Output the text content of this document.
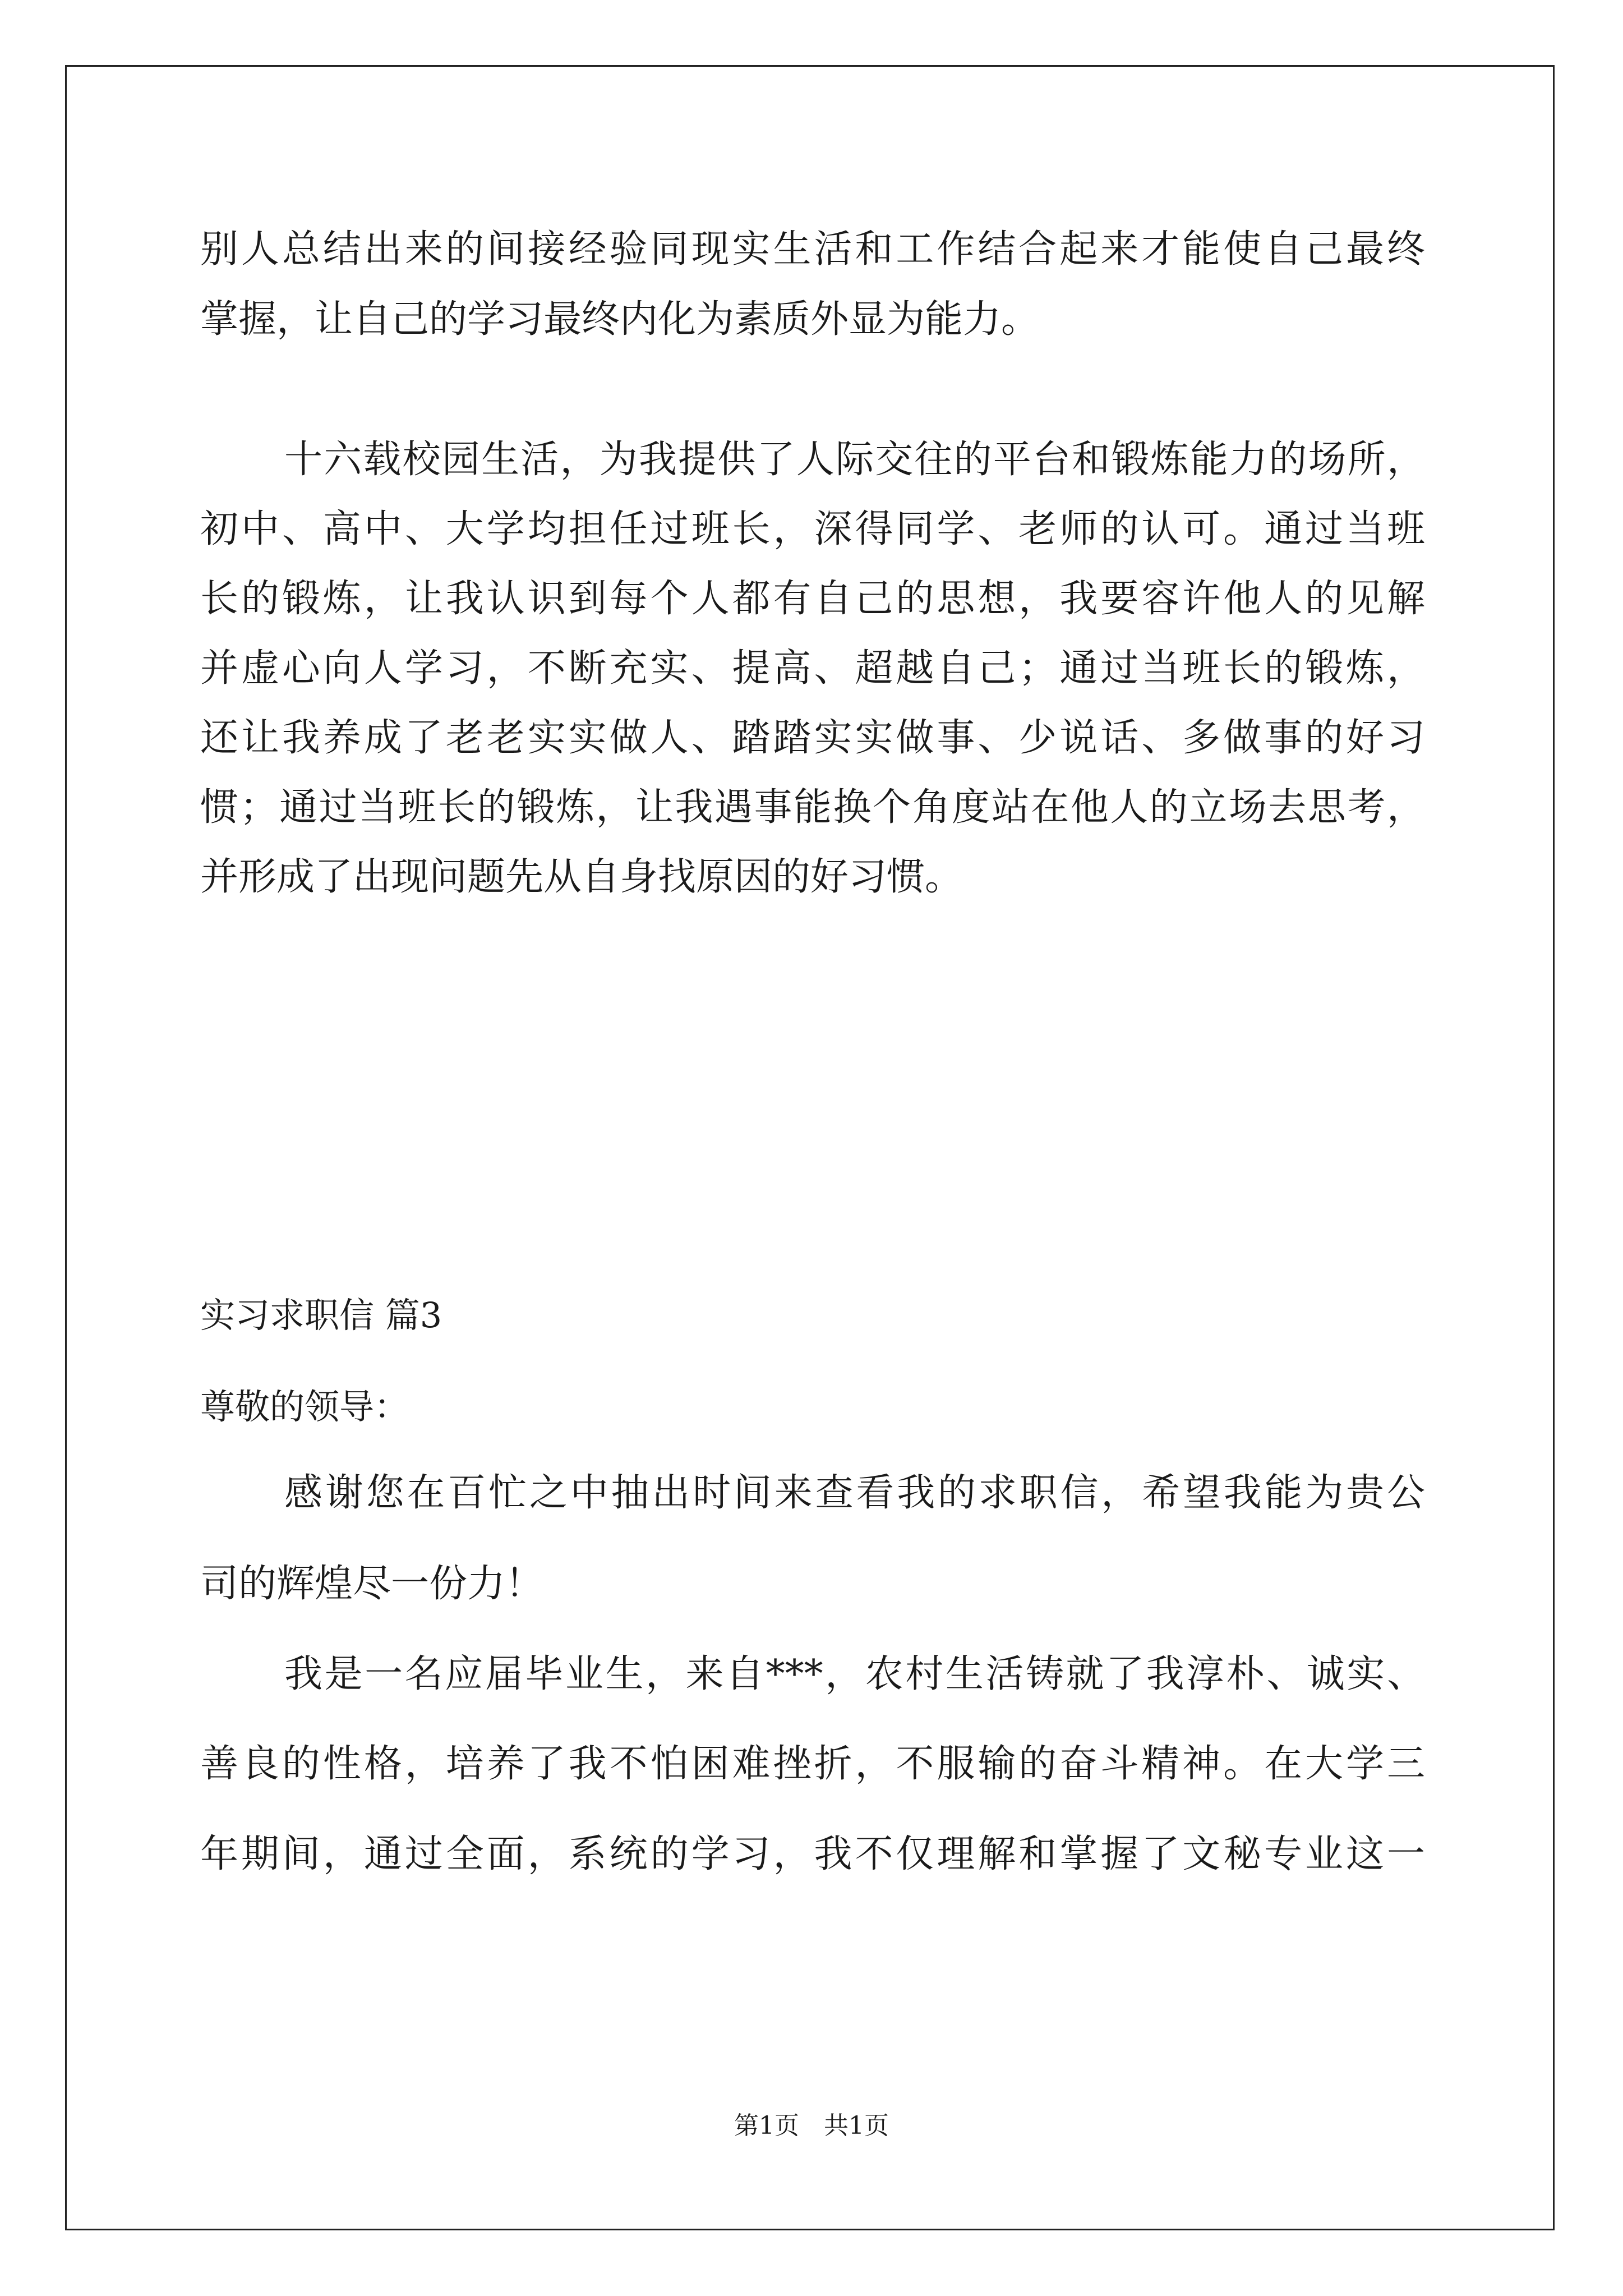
别人总结出来的间接经验同现实生活和工作结合起来才能使自己最终
掌握，让自己的学习最终内化为素质外显为能力。
十六载校园生活，为我提供了人际交往的平台和锻炼能力的场所，
初中、高中、大学均担任过班长，深得同学、老师的认可。通过当班
长的锻炼，让我认识到每个人都有自己的思想，我要容许他人的见解
并虚心向人学习，不断充实、提高、超越自己；通过当班长的锻炼，
还让我养成了老老实实做人、踏踏实实做事、少说话、多做事的好习
惯；通过当班长的锻炼，让我遇事能换个角度站在他人的立场去思考，
并形成了出现问题先从自身找原因的好习惯。
实习求职信 篇3
尊敬的领导：
感谢您在百忙之中抽出时间来查看我的求职信，希望我能为贵公
司的辉煌尽一份力！
我是一名应届毕业生，来自***，农村生活铸就了我淳朴、诚实、
善良的性格，培养了我不怕困难挫折，不服输的奋斗精神。在大学三
年期间，通过全面，系统的学习，我不仅理解和掌握了文秘专业这一
第1页　共1页
